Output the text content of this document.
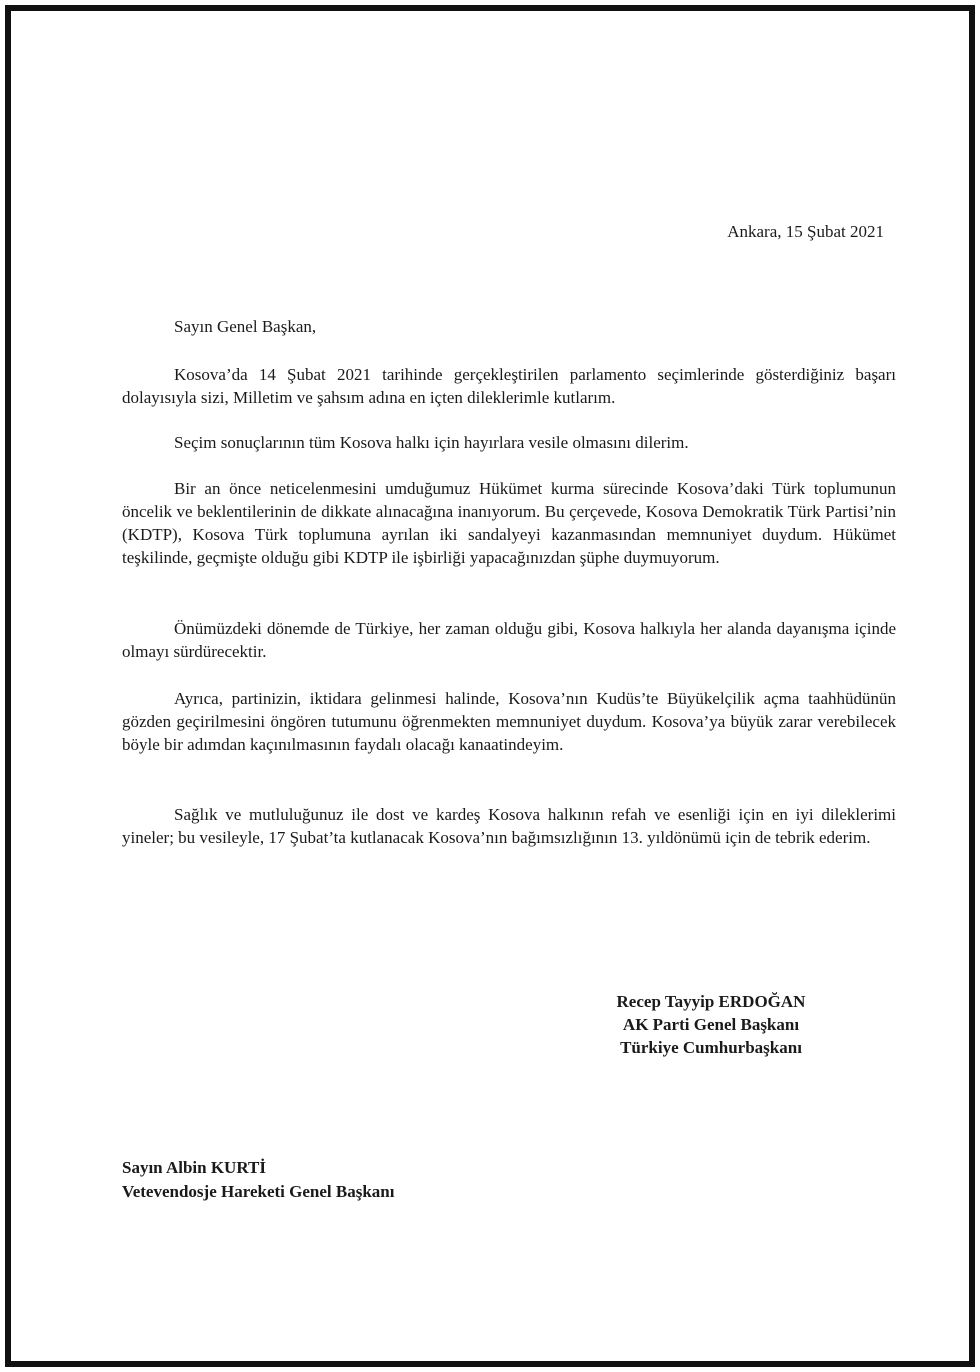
Ankara, 15 Şubat 2021
Sayın Genel Başkan,

Kosova’da 14 Şubat 2021 tarihinde gerçekleştirilen parlamento seçimlerinde gösterdiğiniz başarı dolayısıyla sizi, Milletim ve şahsım adına en içten dileklerimle kutlarım.

Seçim sonuçlarının tüm Kosova halkı için hayırlara vesile olmasını dilerim.

Bir an önce neticelenmesini umduğumuz Hükümet kurma sürecinde Kosova’daki Türk toplumunun öncelik ve beklentilerinin de dikkate alınacağına inanıyorum. Bu çerçevede, Kosova Demokratik Türk Partisi’nin (KDTP), Kosova Türk toplumuna ayrılan iki sandalyeyi kazanmasından memnuniyet duydum. Hükümet teşkilinde, geçmişte olduğu gibi KDTP ile işbirliği yapacağınızdan şüphe duymuyorum.

Önümüzdeki dönemde de Türkiye, her zaman olduğu gibi, Kosova halkıyla her alanda dayanışma içinde olmayı sürdürecektir.

Ayrıca, partinizin, iktidara gelinmesi halinde, Kosova’nın Kudüs’te Büyükelçilik açma taahhüdünün gözden geçirilmesini öngören tutumunu öğrenmekten memnuniyet duydum. Kosova’ya büyük zarar verebilecek böyle bir adımdan kaçınılmasının faydalı olacağı kanaatindeyim.

Sağlık ve mutluluğunuz ile dost ve kardeş Kosova halkının refah ve esenliği için en iyi dileklerimi yineler; bu vesileyle, 17 Şubat’ta kutlanacak Kosova’nın bağımsızlığının 13. yıldönümü için de tebrik ederim.

Recep Tayyip ERDOĞAN
AK Parti Genel Başkanı
Türkiye Cumhurbaşkanı
Sayın Albin KURTİ
Vetevendosje Hareketi Genel Başkanı
